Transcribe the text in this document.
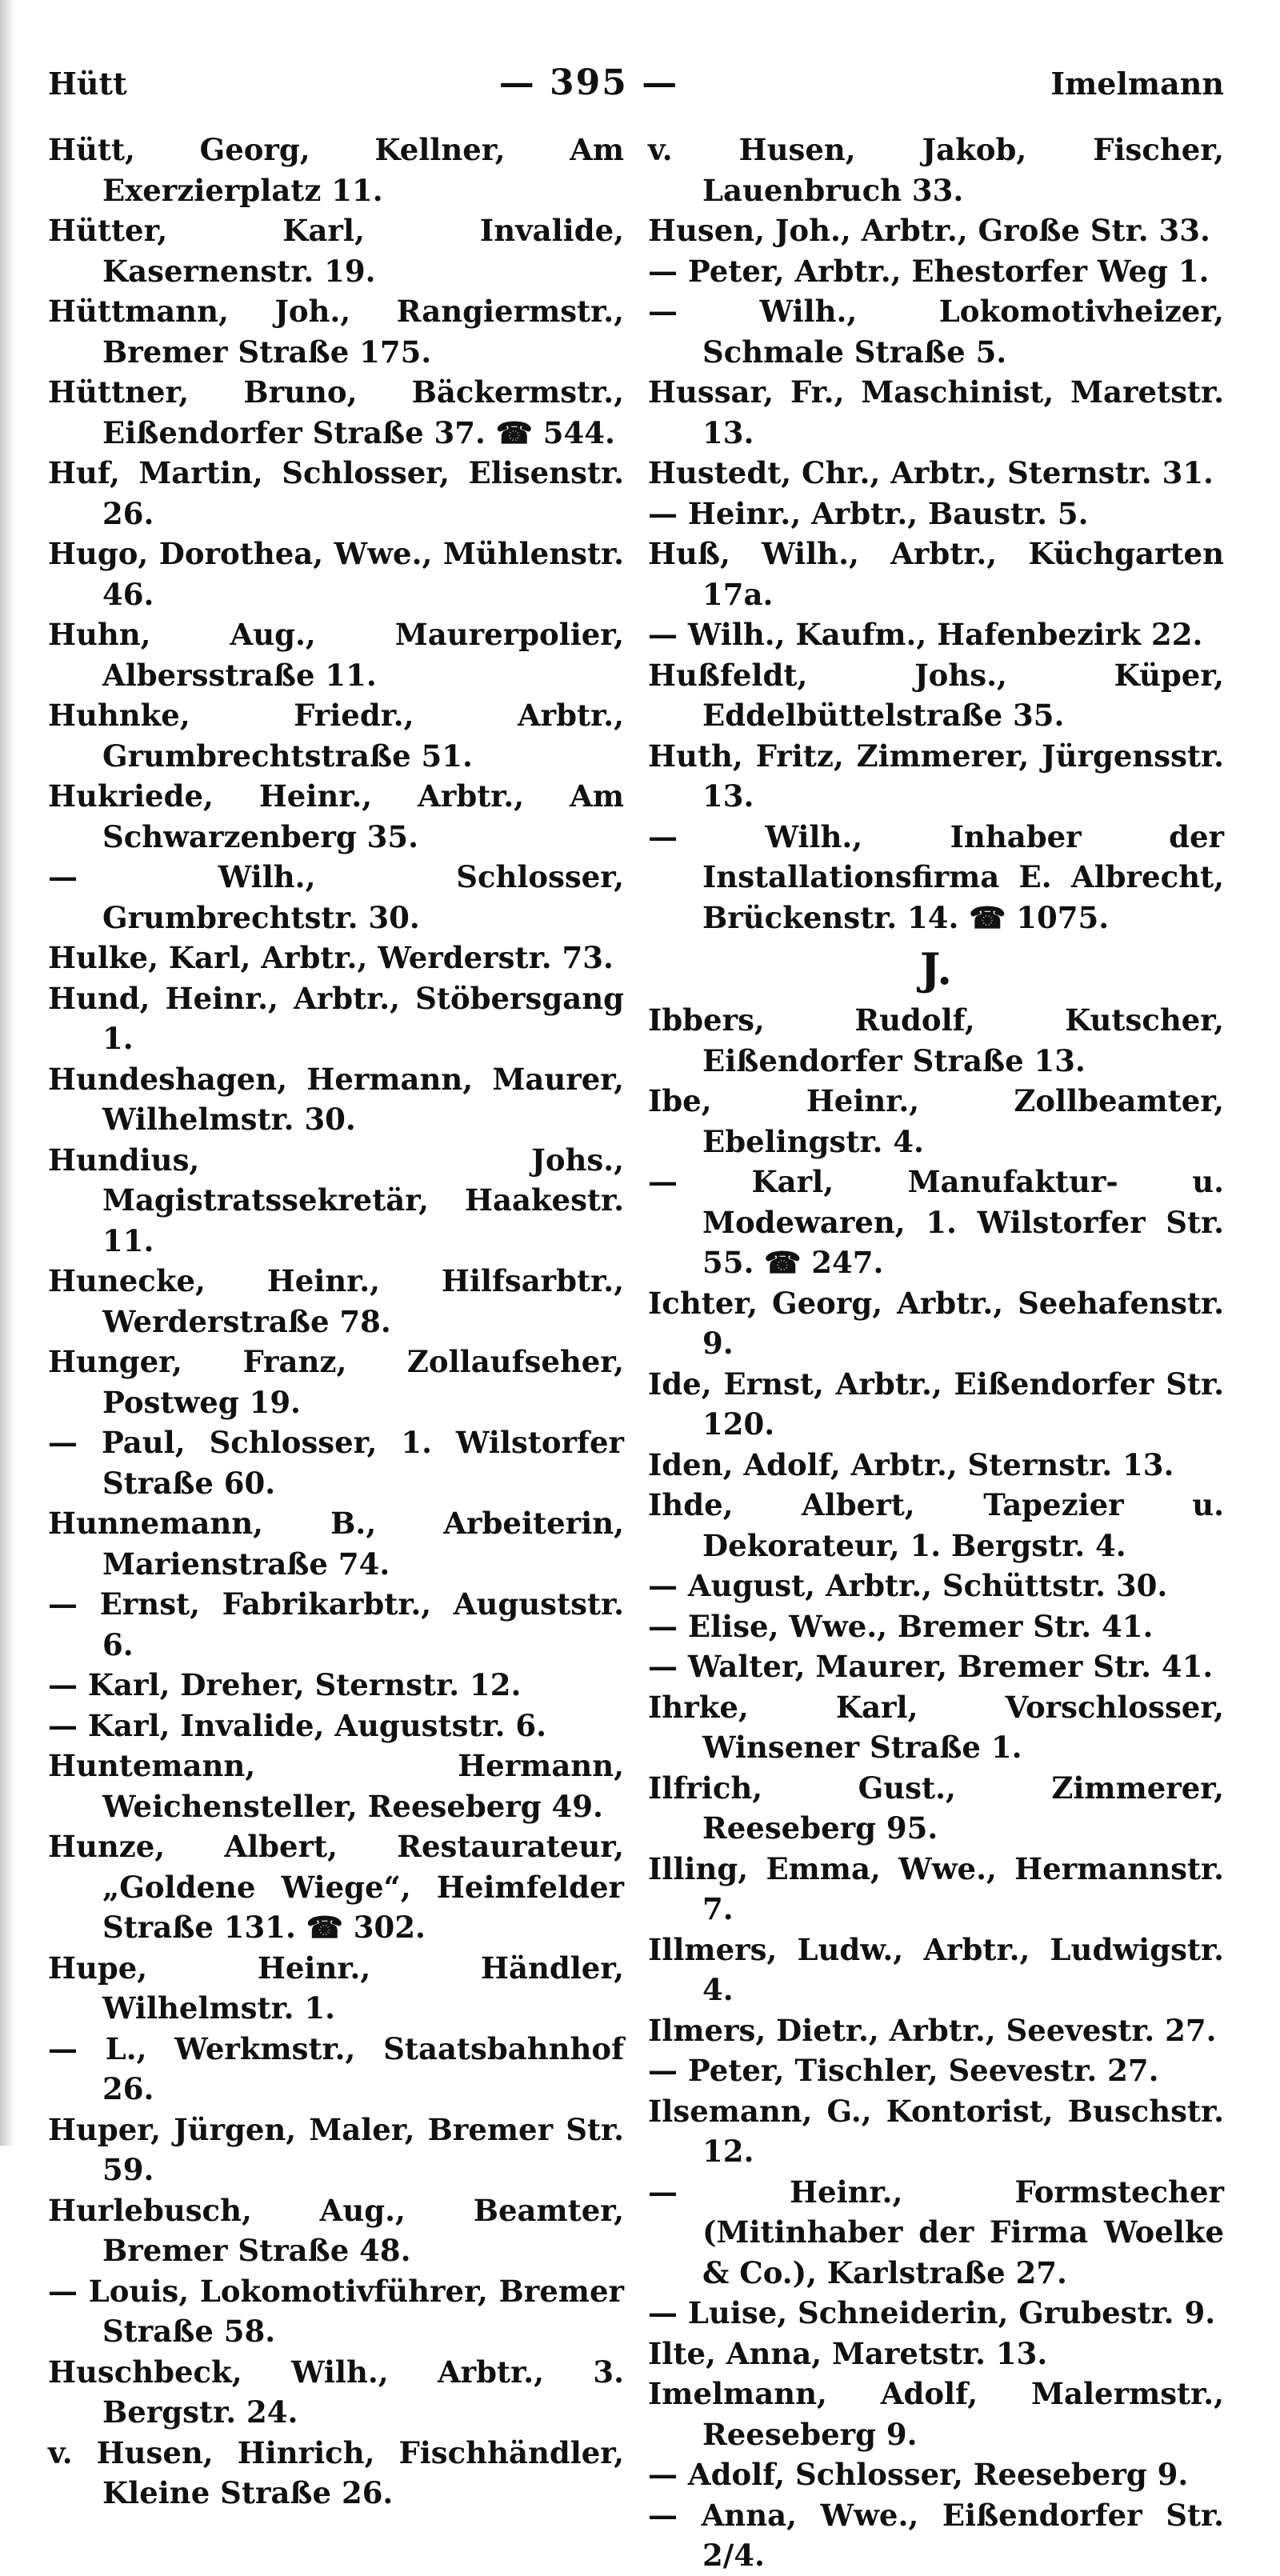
Hütt	— 395 —	Imelmann

Hütt, Georg, Kellner, Am Exerzierplatz 11.

Hütter, Karl, Invalide, Kasernenstr. 19.

Hüttmann, Joh., Rangiermstr., Bremer Straße 175.

Hüttner, Bruno, Bäckermstr., Eißendorfer Straße 37. ☎ 544.

Huf, Martin, Schlosser, Elisenstr. 26.

Hugo, Dorothea, Wwe., Mühlenstr. 46.

Huhn, Aug., Maurerpolier, Albersstraße 11.

Huhnke, Friedr., Arbtr., Grumbrechtstraße 51.

Hukriede, Heinr., Arbtr., Am Schwarzenberg 35.

— Wilh., Schlosser, Grumbrechtstr. 30.

Hulke, Karl, Arbtr., Werderstr. 73.

Hund, Heinr., Arbtr., Stöbersgang 1.

Hundeshagen, Hermann, Maurer, Wilhelmstr. 30.

Hundius, Johs., Magistratssekretär, Haakestr. 11.

Hunecke, Heinr., Hilfsarbtr., Werderstraße 78.

Hunger, Franz, Zollaufseher, Postweg 19.

— Paul, Schlosser, 1. Wilstorfer Straße 60.

Hunnemann, B., Arbeiterin, Marienstraße 74.

— Ernst, Fabrikarbtr., Auguststr. 6.

— Karl, Dreher, Sternstr. 12.

— Karl, Invalide, Auguststr. 6.

Huntemann, Hermann, Weichensteller, Reeseberg 49.

Hunze, Albert, Restaurateur, „Goldene Wiege“, Heimfelder Straße 131. ☎ 302.

Hupe, Heinr., Händler, Wilhelmstr. 1.

— L., Werkmstr., Staatsbahnhof 26.

Huper, Jürgen, Maler, Bremer Str. 59.

Hurlebusch, Aug., Beamter, Bremer Straße 48.

— Louis, Lokomotivführer, Bremer Straße 58.

Huschbeck, Wilh., Arbtr., 3. Bergstr. 24.

v. Husen, Hinrich, Fischhändler, Kleine Straße 26.

v. Husen, Jakob, Fischer, Lauenbruch 33.

Husen, Joh., Arbtr., Große Str. 33.

— Peter, Arbtr., Ehestorfer Weg 1.

— Wilh., Lokomotivheizer, Schmale Straße 5.

Hussar, Fr., Maschinist, Maretstr. 13.

Hustedt, Chr., Arbtr., Sternstr. 31.

— Heinr., Arbtr., Baustr. 5.

Huß, Wilh., Arbtr., Küchgarten 17a.

— Wilh., Kaufm., Hafenbezirk 22.

Hußfeldt, Johs., Küper, Eddelbüttelstraße 35.

Huth, Fritz, Zimmerer, Jürgensstr. 13.

— Wilh., Inhaber der Installationsfirma E. Albrecht, Brückenstr. 14. ☎ 1075.

J.

Ibbers, Rudolf, Kutscher, Eißendorfer Straße 13.

Ibe, Heinr., Zollbeamter, Ebelingstr. 4.

— Karl, Manufaktur- u. Modewaren, 1. Wilstorfer Str. 55. ☎ 247.

Ichter, Georg, Arbtr., Seehafenstr. 9.

Ide, Ernst, Arbtr., Eißendorfer Str. 120.

Iden, Adolf, Arbtr., Sternstr. 13.

Ihde, Albert, Tapezier u. Dekorateur, 1. Bergstr. 4.

— August, Arbtr., Schüttstr. 30.

— Elise, Wwe., Bremer Str. 41.

— Walter, Maurer, Bremer Str. 41.

Ihrke, Karl, Vorschlosser, Winsener Straße 1.

Ilfrich, Gust., Zimmerer, Reeseberg 95.

Illing, Emma, Wwe., Hermannstr. 7.

Illmers, Ludw., Arbtr., Ludwigstr. 4.

Ilmers, Dietr., Arbtr., Seevestr. 27.

— Peter, Tischler, Seevestr. 27.

Ilsemann, G., Kontorist, Buschstr. 12.

— Heinr., Formstecher (Mitinhaber der Firma Woelke & Co.), Karlstraße 27.

— Luise, Schneiderin, Grubestr. 9.

Ilte, Anna, Maretstr. 13.

Imelmann, Adolf, Malermstr., Reeseberg 9.

— Adolf, Schlosser, Reeseberg 9.

— Anna, Wwe., Eißendorfer Str. 2/4.
